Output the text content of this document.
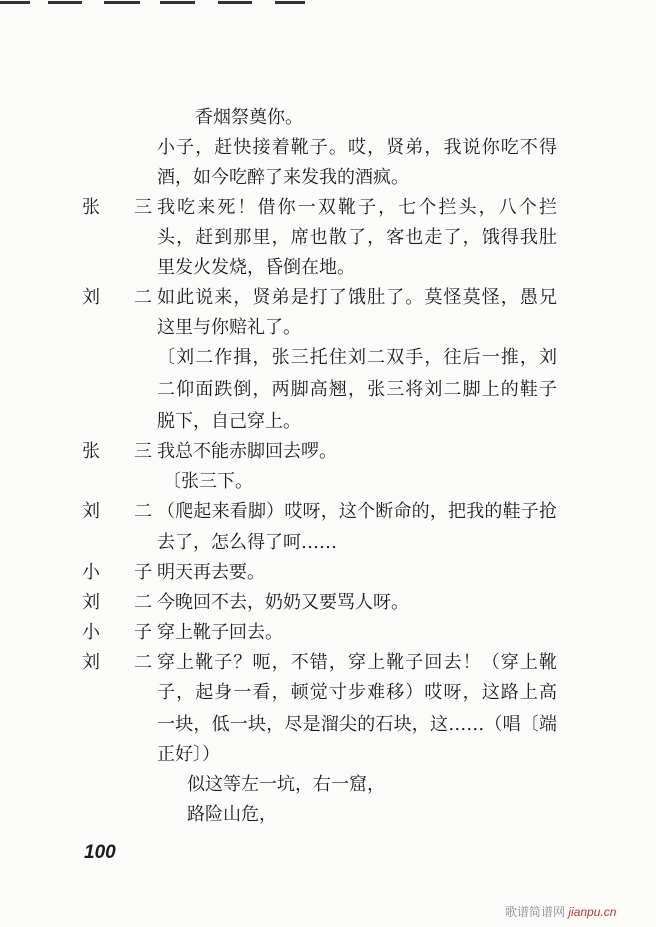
香烟祭奠你。
小子，赶快接着靴子。哎，贤弟，我说你吃不得
酒，如今吃醉了来发我的酒疯。
张 三 我吃来死！借你一双靴子，七个拦头，八个拦
头，赶到那里，席也散了，客也走了，饿得我肚
里发火发烧，昏倒在地。
刘 二 如此说来，贤弟是打了饿肚了。莫怪莫怪，愚兄
这里与你赔礼了。
〔刘二作揖，张三托住刘二双手，往后一推，刘
二仰面跌倒，两脚高翘，张三将刘二脚上的鞋子
脱下，自己穿上。
张 三 我总不能赤脚回去啰。
〔张三下。
刘 二 （爬起来看脚）哎呀，这个断命的，把我的鞋子抢
去了，怎么得了呵……
小 子 明天再去要。
刘 二 今晚回不去，奶奶又要骂人呀。
小 子 穿上靴子回去。
刘 二 穿上靴子？呃，不错，穿上靴子回去！（穿上靴
子，起身一看，顿觉寸步难移）哎呀，这路上高
一块，低一块，尽是溜尖的石块，这……（唱〔端
正好〕）
似这等左一坑，右一窟，
路险山危，
100
歌谱简谱网 jianpu.cn
